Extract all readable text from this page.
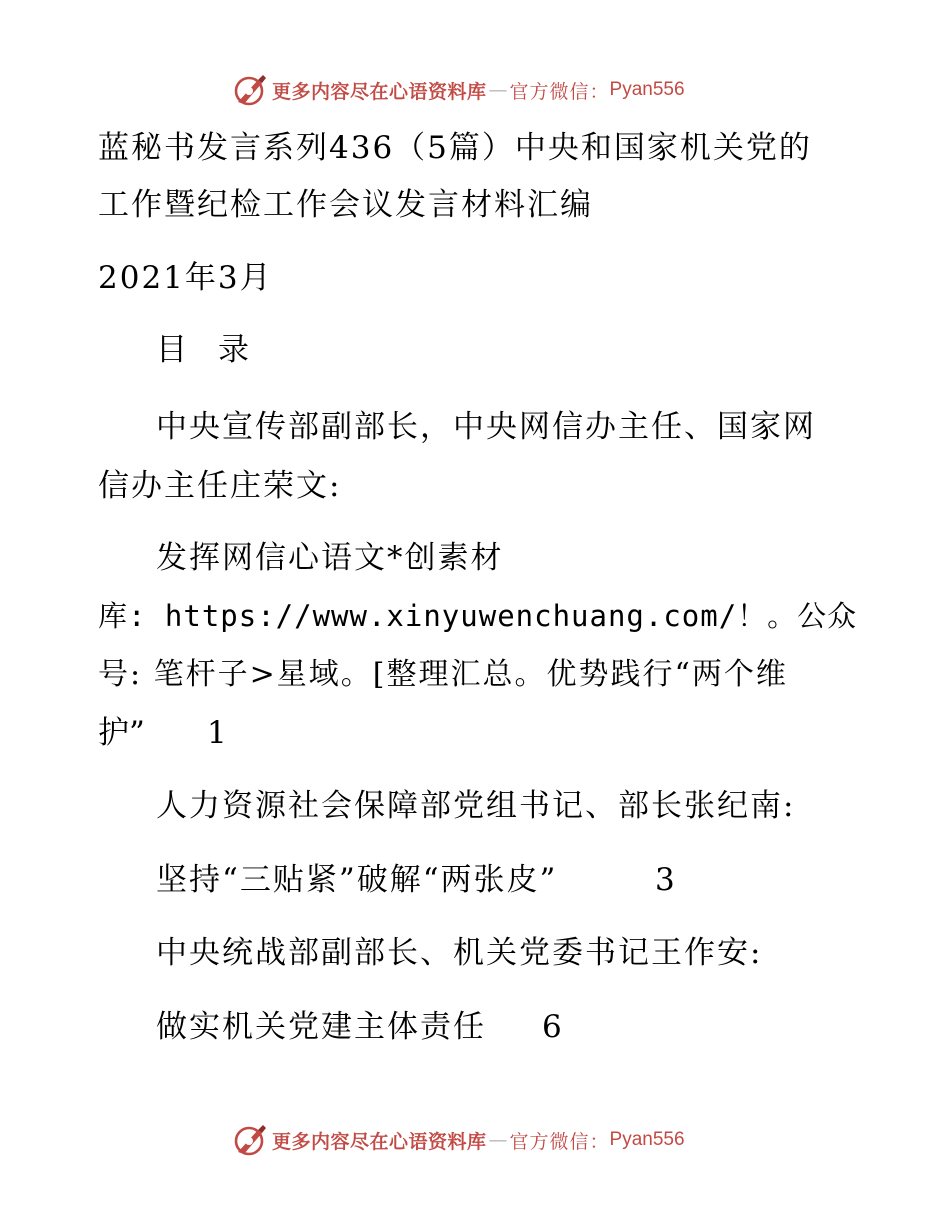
更多内容尽在心语资料库 — 官方微信： Pyan556

蓝秘书发言系列436（5篇）中央和国家机关党的

工作暨纪检工作会议发言材料汇编

2021年3月

目　录

中央宣传部副部长，中央网信办主任、国家网

信办主任庄荣文:

发挥网信心语文*创素材

库: https://www.xinyuwenchuang.com/！。公众

号: 笔杆子>星域。[整理汇总。优势践行“两个维

护” 1

人力资源社会保障部党组书记、部长张纪南:

坚持“三贴紧”破解“两张皮”	3

中央统战部副部长、机关党委书记王作安:

做实机关党建主体责任 6

更多内容尽在心语资料库 — 官方微信： Pyan556
